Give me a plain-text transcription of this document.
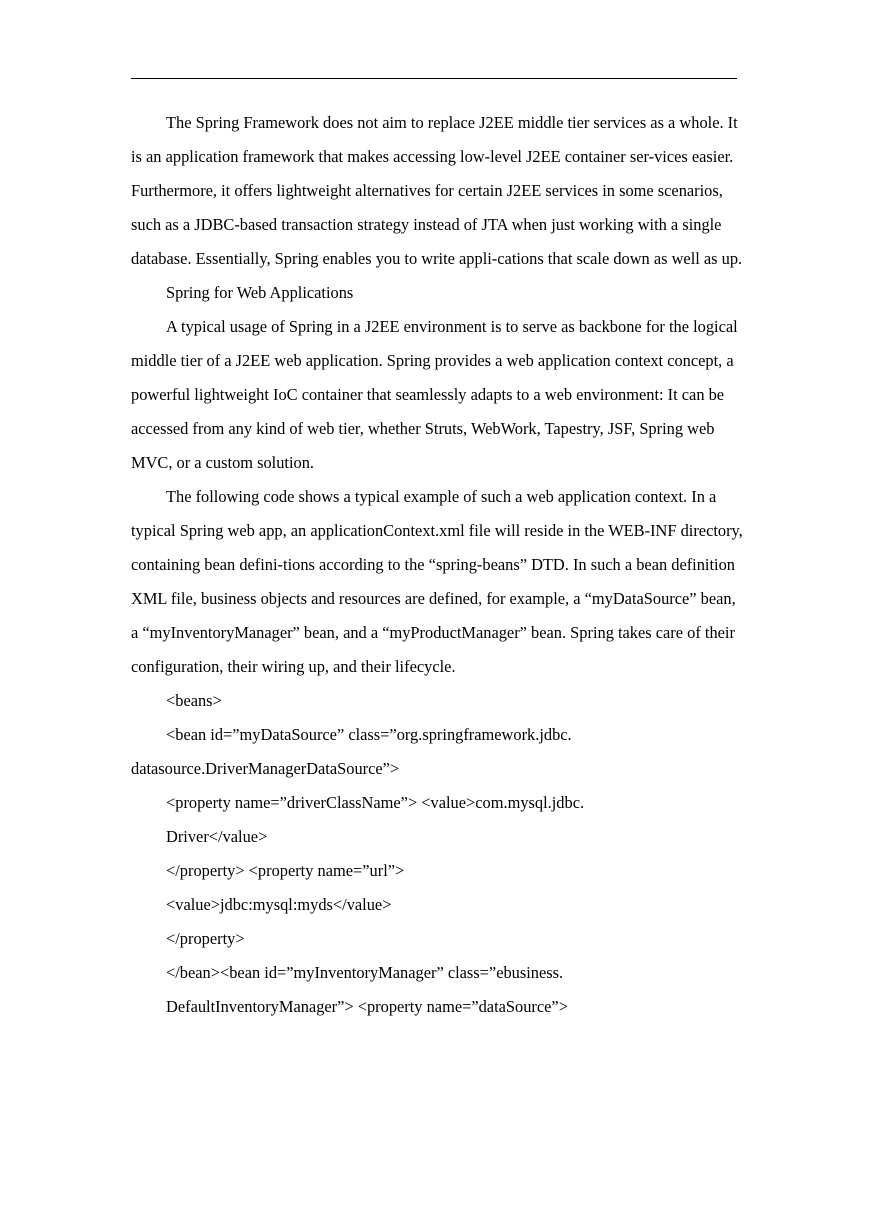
The Spring Framework does not aim to replace J2EE middle tier services as a whole. It is an application framework that makes accessing low-level J2EE container ser-vices easier. Furthermore, it offers lightweight alternatives for certain J2EE services in some scenarios, such as a JDBC-based transaction strategy instead of JTA when just working with a single database. Essentially, Spring enables you to write appli-cations that scale down as well as up.

Spring for Web Applications

A typical usage of Spring in a J2EE environment is to serve as backbone for the logical middle tier of a J2EE web application. Spring provides a web application context concept, a powerful lightweight IoC container that seamlessly adapts to a web environment: It can be accessed from any kind of web tier, whether Struts, WebWork, Tapestry, JSF, Spring web MVC, or a custom solution.

The following code shows a typical example of such a web application context. In a typical Spring web app, an applicationContext.xml file will reside in the WEB-INF directory, containing bean defini-tions according to the “spring-beans” DTD. In such a bean definition XML file, business objects and resources are defined, for example, a “myDataSource” bean, a “myInventoryManager” bean, and a “myProductManager” bean. Spring takes care of their configuration, their wiring up, and their lifecycle.

<beans>

<bean id=”myDataSource” class=”org.springframework.jdbc. datasource.DriverManagerDataSource”>

<property name=”driverClassName”> <value>com.mysql.jdbc.

Driver</value>

</property> <property name=”url”>

<value>jdbc:mysql:myds</value>

</property>

</bean><bean id=”myInventoryManager” class=”ebusiness.

DefaultInventoryManager”> <property name=”dataSource”>
